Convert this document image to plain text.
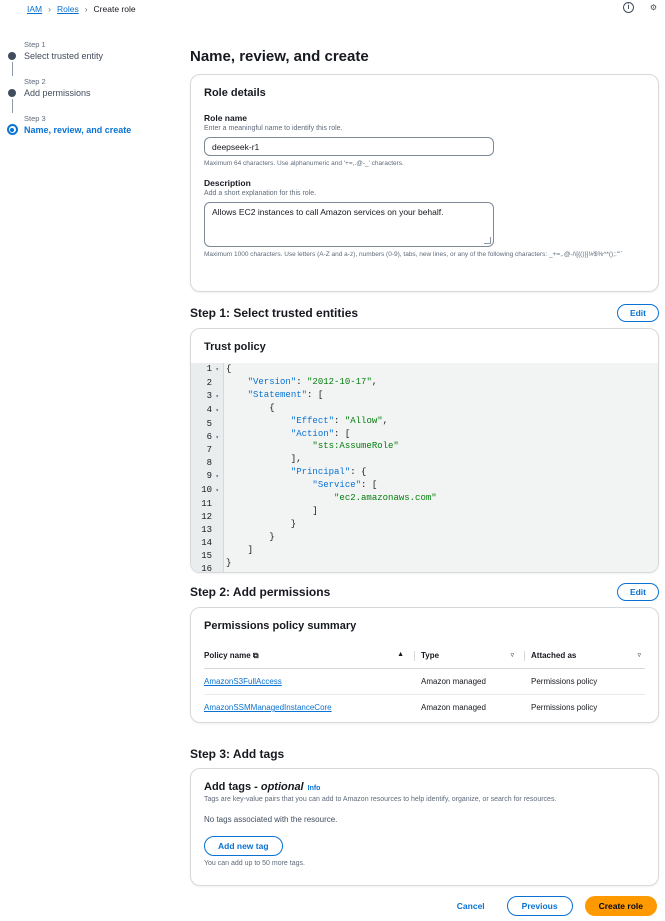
IAM › Roles › Create role	i	⚙
Step 1
Select trusted entity
Step 2
Add permissions
Step 3
Name, review, and create
Name, review, and create
Role details
Role name
Enter a meaningful name to identify this role.
deepseek-r1
Maximum 64 characters. Use alphanumeric and '+=,.@-_' characters.
Description
Add a short explanation for this role.
Allows EC2 instances to call Amazon services on your behalf.
Maximum 1000 characters. Use letters (A-Z and a-z), numbers (0-9), tabs, new lines, or any of the following characters: _+=,.@-/\[{()}]!#$%^*();:"'`
Step 1: Select trusted entities	Edit
Trust policy
1 ▾
2
3 ▾
4 ▾
5
6 ▾
7
8
9 ▾
10 ▾
11
12
13
14
15
16
{
"Version": "2012-10-17",
"Statement": [
{
"Effect": "Allow",
"Action": [
"sts:AssumeRole"
],
"Principal": {
"Service": [
"ec2.amazonaws.com"
]
}
}
]
}
Step 2: Add permissions	Edit
Permissions policy summary
Policy name ⧉ ▲	Type ▿	Attached as ▿

AmazonS3FullAccess	Amazon managed	Permissions policy
AmazonSSMManagedInstanceCore	Amazon managed	Permissions policy
Step 3: Add tags
Add tags - optional Info
Tags are key-value pairs that you can add to Amazon resources to help identify, organize, or search for resources.
No tags associated with the resource.
Add new tag
You can add up to 50 more tags.
Cancel	Previous	Create role
